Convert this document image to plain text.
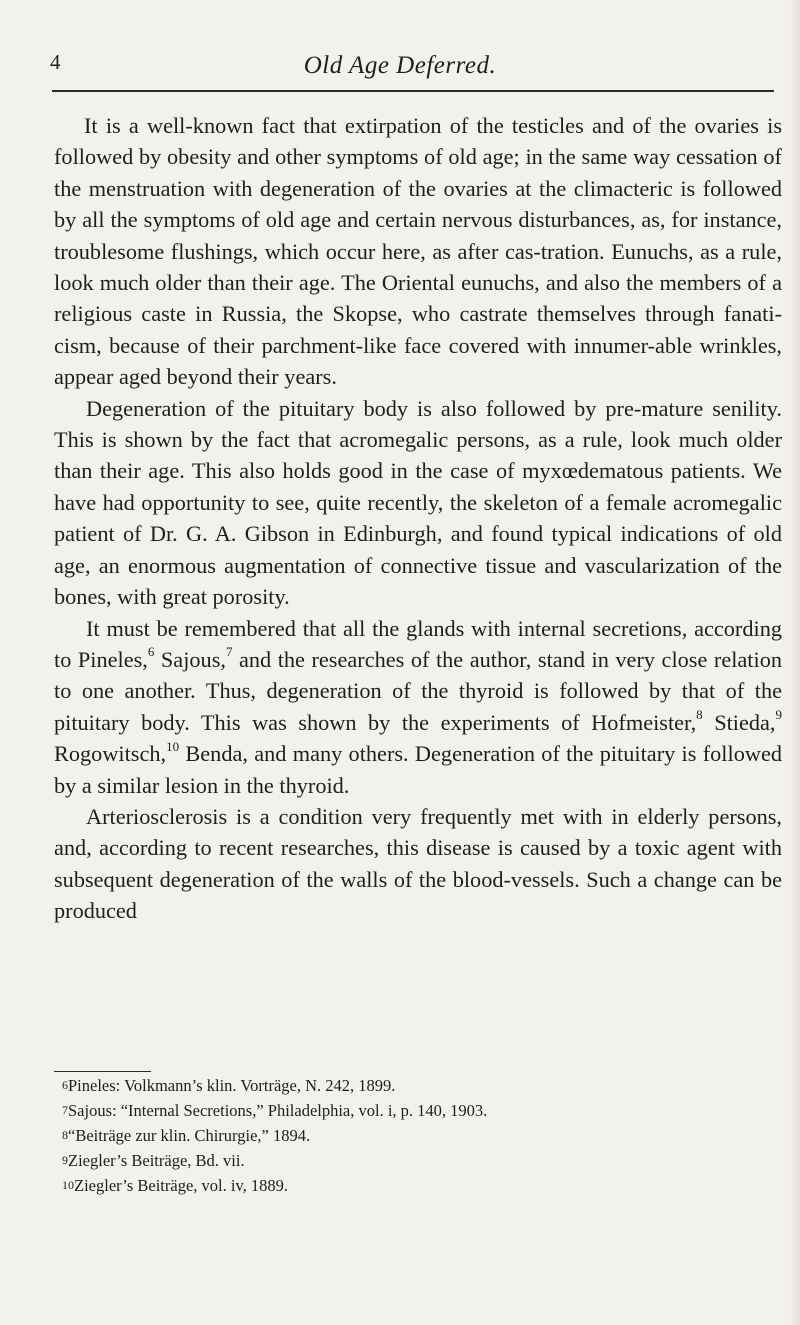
4	Old Age Deferred.

It is a well-known fact that extirpation of the testicles and of the ovaries is followed by obesity and other symptoms of old age; in the same way cessation of the menstruation with degeneration of the ovaries at the climacteric is followed by all the symptoms of old age and certain nervous disturbances, as, for instance, troublesome flushings, which occur here, as after cas-tration. Eunuchs, as a rule, look much older than their age. The Oriental eunuchs, and also the members of a religious caste in Russia, the Skopse, who castrate themselves through fanati-cism, because of their parchment-like face covered with innumer-able wrinkles, appear aged beyond their years.

Degeneration of the pituitary body is also followed by pre-mature senility. This is shown by the fact that acromegalic persons, as a rule, look much older than their age. This also holds good in the case of myxœdematous patients. We have had opportunity to see, quite recently, the skeleton of a female acromegalic patient of Dr. G. A. Gibson in Edinburgh, and found typical indications of old age, an enormous augmentation of connective tissue and vascularization of the bones, with great porosity.

It must be remembered that all the glands with internal secretions, according to Pineles,$^6$ Sajous,$^7$ and the researches of the author, stand in very close relation to one another. Thus, degeneration of the thyroid is followed by that of the pituitary body. This was shown by the experiments of Hofmeister,$^8$ Stieda,$^9$ Rogowitsch,$^{10}$ Benda, and many others. Degeneration of the pituitary is followed by a similar lesion in the thyroid.

Arteriosclerosis is a condition very frequently met with in elderly persons, and, according to recent researches, this disease is caused by a toxic agent with subsequent degeneration of the walls of the blood-vessels. Such a change can be produced

6Pineles: Volkmann’s klin. Vorträge, N. 242, 1899.
7Sajous: “Internal Secretions,” Philadelphia, vol. i, p. 140, 1903.
8“Beiträge zur klin. Chirurgie,” 1894.
9Ziegler’s Beiträge, Bd. vii.
10Ziegler’s Beiträge, vol. iv, 1889.
